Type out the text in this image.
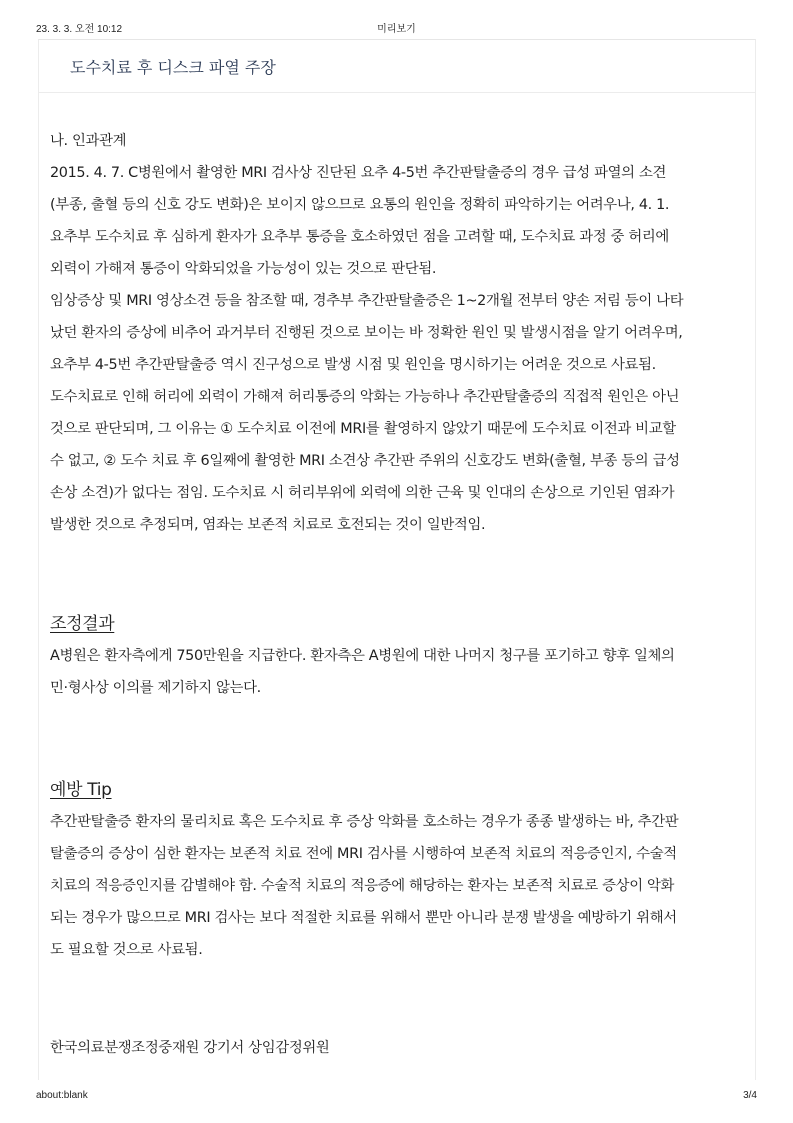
23. 3. 3. 오전 10:12	미리보기
도수치료 후 디스크 파열 주장

나. 인과관계

2015. 4. 7. C병원에서 촬영한 MRI 검사상 진단된 요추 4-5번 추간판탈출증의 경우 급성 파열의 소견

(부종, 출혈 등의 신호 강도 변화)은 보이지 않으므로 요통의 원인을 정확히 파악하기는 어려우나, 4. 1.

요추부 도수치료 후 심하게 환자가 요추부 통증을 호소하였던 점을 고려할 때, 도수치료 과정 중 허리에

외력이 가해져 통증이 악화되었을 가능성이 있는 것으로 판단됨.

임상증상 및 MRI 영상소견 등을 참조할 때, 경추부 추간판탈출증은 1~2개월 전부터 양손 저림 등이 나타

났던 환자의 증상에 비추어 과거부터 진행된 것으로 보이는 바 정확한 원인 및 발생시점을 알기 어려우며,

요추부 4-5번 추간판탈출증 역시 진구성으로 발생 시점 및 원인을 명시하기는 어려운 것으로 사료됨.

도수치료로 인해 허리에 외력이 가해져 허리통증의 악화는 가능하나 추간판탈출증의 직접적 원인은 아닌

것으로 판단되며, 그 이유는 ① 도수치료 이전에 MRI를 촬영하지 않았기 때문에 도수치료 이전과 비교할

수 없고, ② 도수 치료 후 6일째에 촬영한 MRI 소견상 추간판 주위의 신호강도 변화(출혈, 부종 등의 급성

손상 소견)가 없다는 점임. 도수치료 시 허리부위에 외력에 의한 근육 및 인대의 손상으로 기인된 염좌가

발생한 것으로 추정되며, 염좌는 보존적 치료로 호전되는 것이 일반적임.

조정결과

A병원은 환자측에게 750만원을 지급한다. 환자측은 A병원에 대한 나머지 청구를 포기하고 향후 일체의

민·형사상 이의를 제기하지 않는다.

예방 Tip

추간판탈출증 환자의 물리치료 혹은 도수치료 후 증상 악화를 호소하는 경우가 종종 발생하는 바, 추간판

탈출증의 증상이 심한 환자는 보존적 치료 전에 MRI 검사를 시행하여 보존적 치료의 적응증인지, 수술적

치료의 적응증인지를 감별해야 함. 수술적 치료의 적응증에 해당하는 환자는 보존적 치료로 증상이 악화

되는 경우가 많으므로 MRI 검사는 보다 적절한 치료를 위해서 뿐만 아니라 분쟁 발생을 예방하기 위해서

도 필요할 것으로 사료됨.

한국의료분쟁조정중재원 강기서 상임감정위원

about:blank	3/4
